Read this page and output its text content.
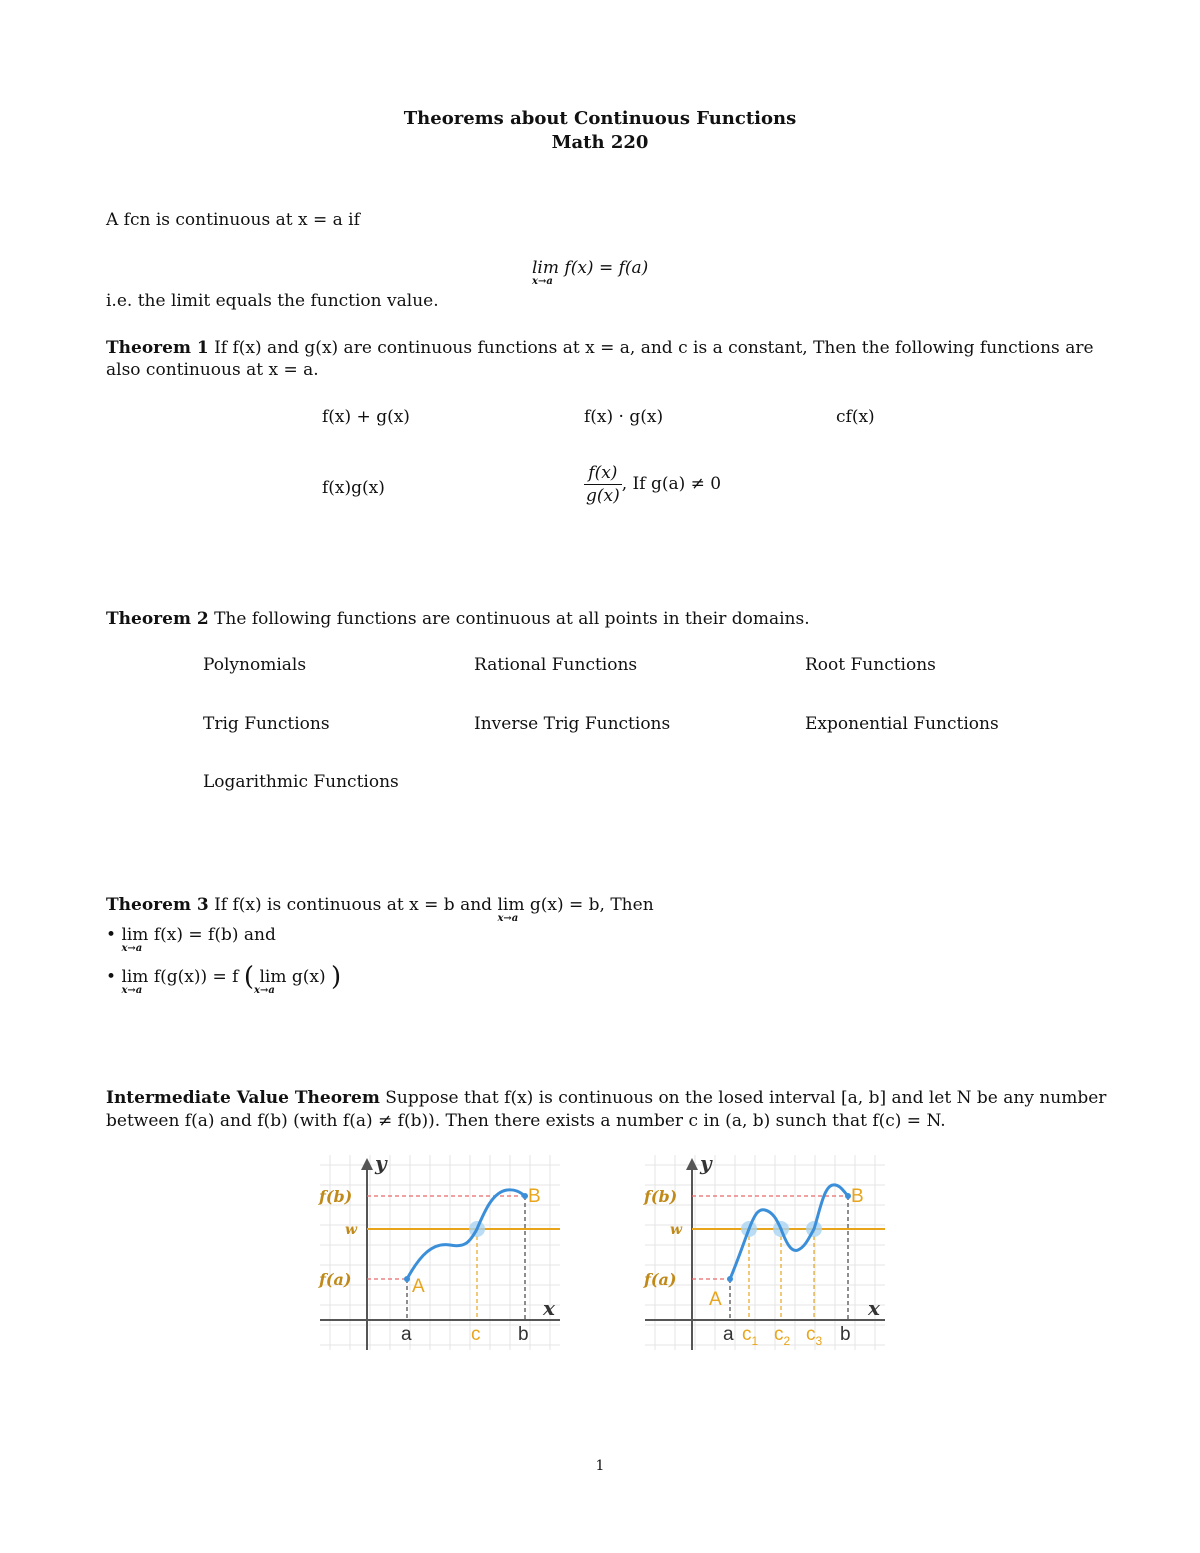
Theorems about Continuous Functions
Math 220
A fcn is continuous at x = a if
lim f(x) = f(a)
x→a
i.e. the limit equals the function value.
Theorem 1 If f(x) and g(x) are continuous functions at x = a, and c is a constant, Then the following functions are
also continuous at x = a.
f(x) + g(x)	f(x) · g(x)	cf(x)
f(x)g(x)	$\frac{f(x)}{g(x)}$ , If g(a) ≠ 0
Theorem 2 The following functions are continuous at all points in their domains.
Polynomials	Rational Functions	Root Functions
Trig Functions	Inverse Trig Functions	Exponential Functions
Logarithmic Functions
Theorem 3 If f(x) is continuous at x = b and lim g(x) = b, Then
x→a
• lim f(x) = f(b) and
x→a
• lim f(g(x)) = f
x→a	( lim g(x)
x→a )
Intermediate Value Theorem Suppose that f(x) is continuous on the losed interval [a, b] and let N be any number
between f(a) and f(b) (with f(a) ≠ f(b)). Then there exists a number c in (a, b) sunch that f(c) = N.
y
x
f(b)
w
f(a)	A
B
a	c b
y
x
f(b)
w
f(a)
A
B
a $c_1$ $c_2$ $c_3$ b
1
